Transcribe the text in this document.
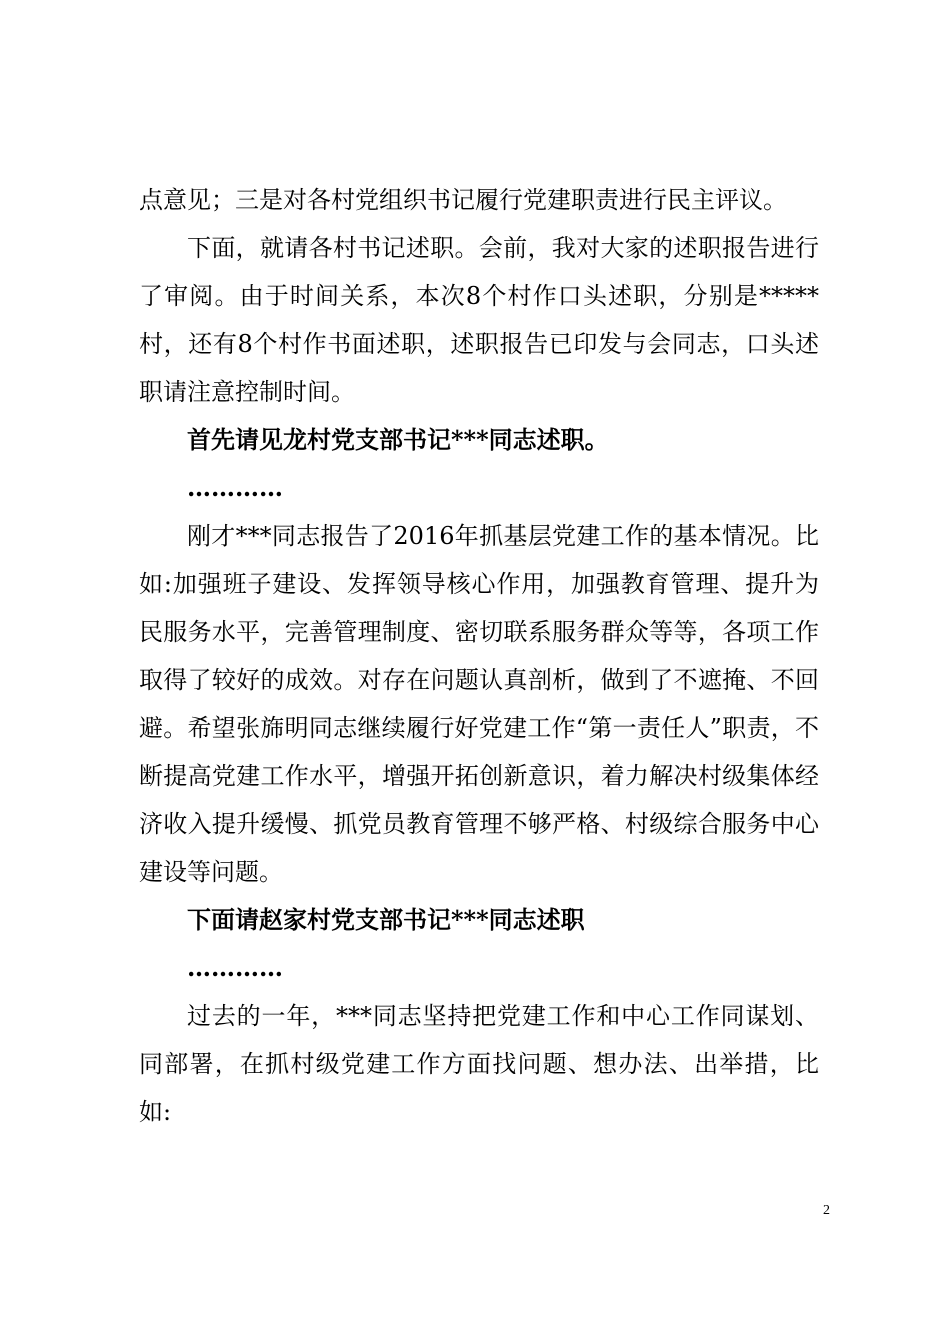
点意见；三是对各村党组织书记履行党建职责进行民主评议。

下面，就请各村书记述职。会前，我对大家的述职报告进行了审阅。由于时间关系，本次8个村作口头述职，分别是*****村，还有8个村作书面述职，述职报告已印发与会同志，口头述职请注意控制时间。

首先请见龙村党支部书记***同志述职。

…………

刚才***同志报告了2016年抓基层党建工作的基本情况。比如:加强班子建设、发挥领导核心作用，加强教育管理、提升为民服务水平，完善管理制度、密切联系服务群众等等，各项工作取得了较好的成效。对存在问题认真剖析，做到了不遮掩、不回避。希望张旆明同志继续履行好党建工作“第一责任人”职责，不断提高党建工作水平，增强开拓创新意识，着力解决村级集体经济收入提升缓慢、抓党员教育管理不够严格、村级综合服务中心建设等问题。

下面请赵家村党支部书记***同志述职

…………

过去的一年，***同志坚持把党建工作和中心工作同谋划、同部署，在抓村级党建工作方面找问题、想办法、出举措，比如:

2
